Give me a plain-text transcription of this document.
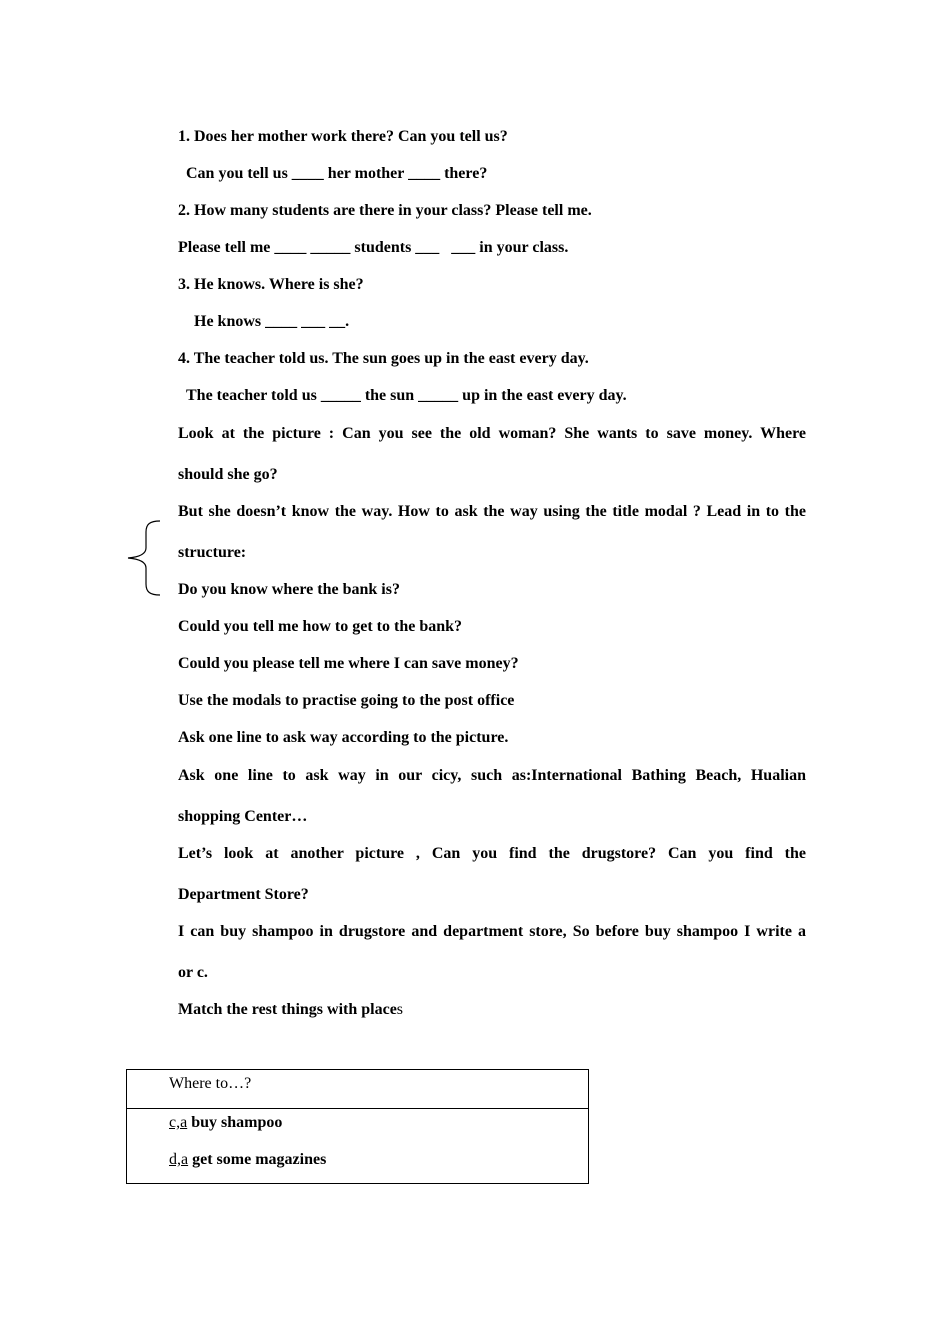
1. Does her mother work there? Can you tell us?
Can you tell us ____ her mother ____ there?
2. How many students are there in your class? Please tell me.
Please tell me ____ _____ students ___   ___ in your class.
3. He knows. Where is she?
He knows ____ ___ __.
4. The teacher told us. The sun goes up in the east every day.
The teacher told us _____ the sun _____ up in the east every day.
Look at the picture : Can you see the old woman? She wants to save money. Where
should she go?
But she doesn’t know the way. How to ask the way using the title modal ? Lead in to the
structure:
Do you know where the bank is?
Could you tell me how to get to the bank?
Could you please tell me where I can save money?
Use the modals to practise going to the post office
Ask one line to ask way according to the picture.
Ask one line to ask way in our cicy, such as:International Bathing Beach, Hualian
shopping Center…
Let’s look at another picture , Can you find the drugstore? Can you find the
Department Store?
I can buy shampoo in drugstore and department store, So before buy shampoo I write a
or c.
Match the rest things with places
Where to…?
c,a buy shampoo
d,a get some magazines
